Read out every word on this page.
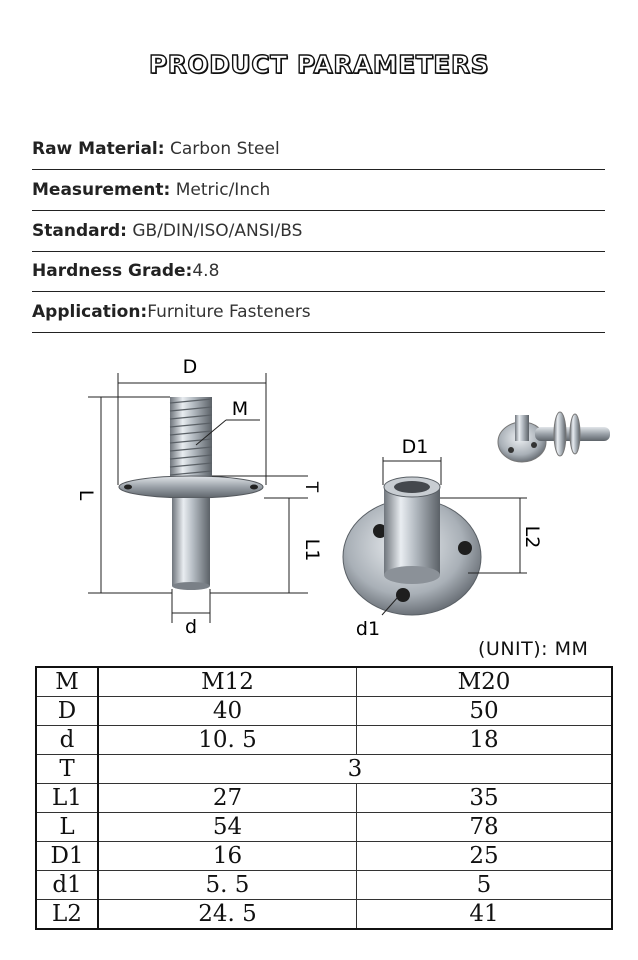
PRODUCT PARAMETERS
Raw Material: Carbon Steel
Measurement: Metric/Inch
Standard: GB/DIN/ISO/ANSI/BS
Hardness Grade:4.8
Application:Furniture Fasteners
D
M
L
T
L1
d
D1
L2
d1
(UNIT): MM
M	M12	M20
D	40	50
d	10. 5	18
T	3	
L1	27	35
L	54	78
D1	16	25
d1	5. 5	5
L2	24. 5	41
